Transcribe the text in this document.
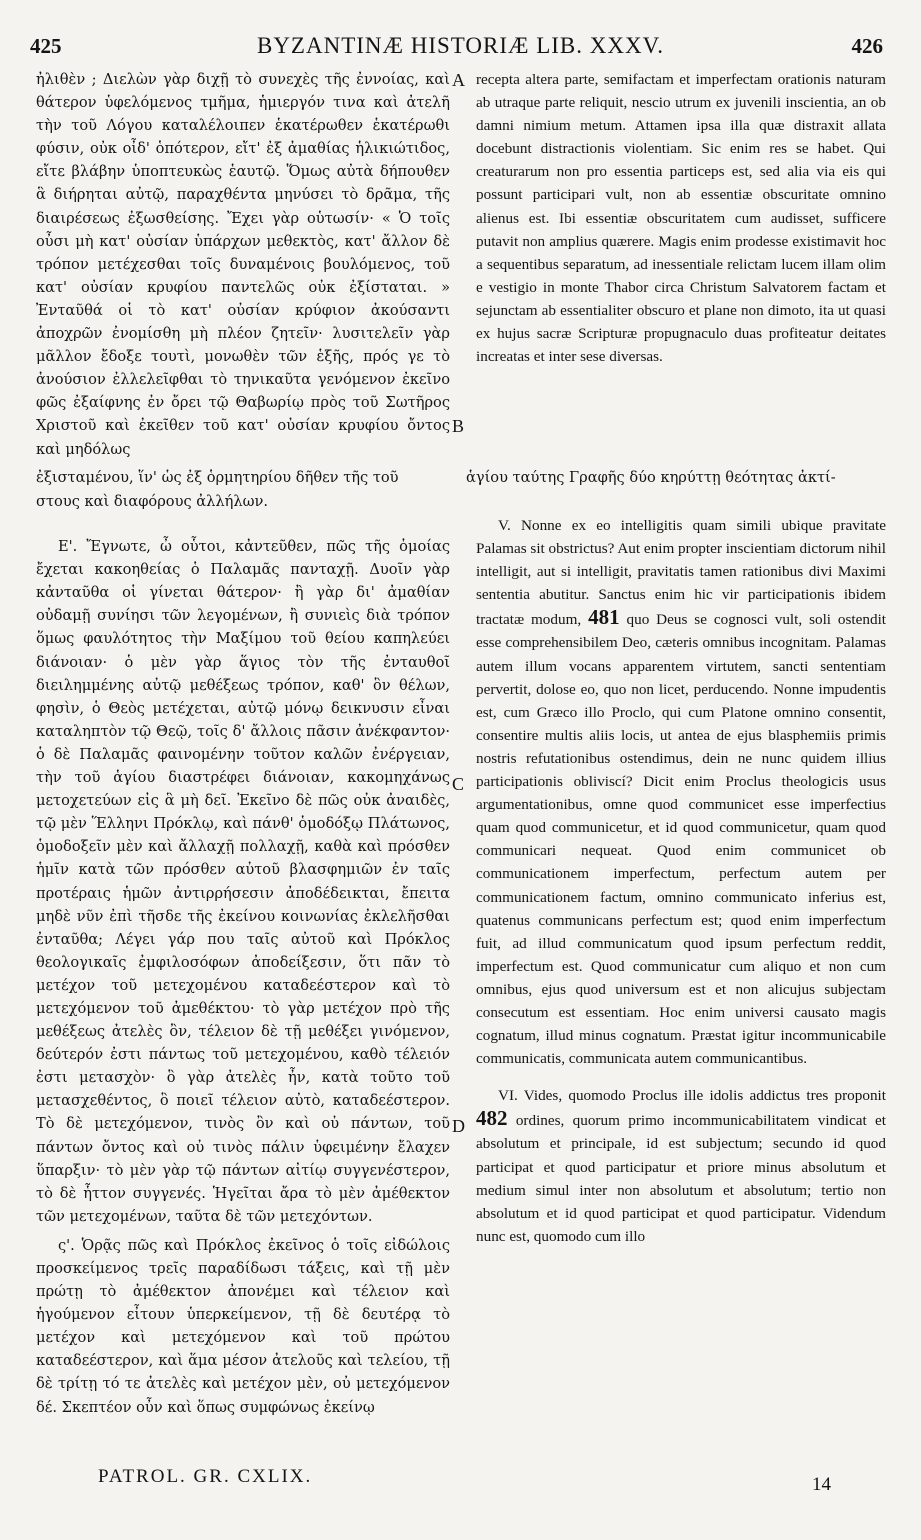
425	BYZANTINÆ HISTORIÆ LIB. XXXV.	426
A
B
C
D

ἠλιθὲν ; Διελὼν γὰρ διχῇ τὸ συνεχὲς τῆς ἐννοίας, καὶ θάτερον ὑφελόμενος τμῆμα, ἡμιεργόν τινα καὶ ἀτελῆ τὴν τοῦ Λόγου καταλέλοιπεν ἑκατέρωθεν ἑκατέρωθι φύσιν, οὐκ οἶδ' ὁπότερον, εἴτ' ἐξ ἀμαθίας ἡλικιώτιδος, εἴτε βλάβην ὑποπτευκὼς ἑαυτῷ. Ὅμως αὐτὰ δήπουθεν ἃ διήρηται αὐτῷ, παραχθέντα μηνύσει τὸ δρᾶμα, τῆς διαιρέσεως ἐξωσθείσης. Ἔχει γὰρ οὑτωσίν· « Ὁ τοῖς οὖσι μὴ κατ' οὐσίαν ὑπάρχων μεθεκτὸς, κατ' ἄλλον δὲ τρόπον μετέχεσθαι τοῖς δυναμένοις βουλόμενος, τοῦ κατ' οὐσίαν κρυφίου παντελῶς οὐκ ἐξίσταται. » Ἐνταῦθά οἱ τὸ κατ' οὐσίαν κρύφιον ἀκούσαντι ἀποχρῶν ἐνομίσθη μὴ πλέον ζητεῖν· λυσιτελεῖν γὰρ μᾶλλον ἔδοξε τουτὶ, μονωθὲν τῶν ἑξῆς, πρός γε τὸ ἀνούσιον ἐλλελεῖφθαι τὸ τηνικαῦτα γενόμενον ἐκεῖνο φῶς ἐξαίφνης ἐν ὄρει τῷ Θαβωρίῳ πρὸς τοῦ Σωτῆρος Χριστοῦ καὶ ἐκεῖθεν τοῦ κατ' οὐσίαν κρυφίου ὄντος καὶ μηδόλως

ἐξισταμένου, ἵν' ὡς ἐξ ὁρμητηρίου δῆθεν τῆς τοῦ	ἁγίου ταύτης Γραφῆς δύο κηρύττῃ θεότητας ἀκτί-

στους καὶ διαφόρους ἀλλήλων.

Ε'. Ἔγνωτε, ὦ οὗτοι, κἀντεῦθεν, πῶς τῆς ὁμοίας ἔχεται κακοηθείας ὁ Παλαμᾶς πανταχῇ. Δυοῖν γὰρ κἀνταῦθα οἱ γίνεται θάτερον· ἢ γὰρ δι' ἀμαθίαν οὐδαμῇ συνίησι τῶν λεγομένων, ἢ συνιεὶς διὰ τρόπον ὅμως φαυλότητος τὴν Μαξίμου τοῦ θείου καπηλεύει διάνοιαν· ὁ μὲν γὰρ ἅγιος τὸν τῆς ἐνταυθοῖ διειλημμένης αὐτῷ μεθέξεως τρόπον, καθ' ὃν θέλων, φησὶν, ὁ Θεὸς μετέχεται, αὐτῷ μόνῳ δεικνυσιν εἶναι καταληπτὸν τῷ Θεῷ, τοῖς δ' ἄλλοις πᾶσιν ἀνέκφαντον· ὁ δὲ Παλαμᾶς φαινομένην τοῦτον καλῶν ἐνέργειαν, τὴν τοῦ ἁγίου διαστρέφει διάνοιαν, κακομηχάνως μετοχετεύων εἰς ἃ μὴ δεῖ. Ἐκεῖνο δὲ πῶς οὐκ ἀναιδὲς, τῷ μὲν Ἕλληνι Πρόκλῳ, καὶ πάνθ' ὁμοδόξῳ Πλάτωνος, ὁμοδοξεῖν μὲν καὶ ἄλλαχῇ πολλαχῇ, καθὰ καὶ πρόσθεν ἡμῖν κατὰ τῶν πρόσθεν αὐτοῦ βλασφημιῶν ἐν ταῖς προτέραις ἡμῶν ἀντιρρήσεσιν ἀποδέδεικται, ἔπειτα μηδὲ νῦν ἐπὶ τῆσδε τῆς ἐκείνου κοινωνίας ἐκλελῆσθαι ἐνταῦθα; Λέγει γάρ που ταῖς αὐτοῦ καὶ Πρόκλος θεολογικαῖς ἐμφιλοσόφων ἀποδείξεσιν, ὅτι πᾶν τὸ μετέχον τοῦ μετεχομένου καταδεέστερον καὶ τὸ μετεχόμενον τοῦ ἀμεθέκτου· τὸ γὰρ μετέχον πρὸ τῆς μεθέξεως ἀτελὲς ὂν, τέλειον δὲ τῇ μεθέξει γινόμενον, δεύτερόν ἐστι πάντως τοῦ μετεχομένου, καθὸ τέλειόν ἐστι μετασχὸν· ὃ γὰρ ἀτελὲς ἦν, κατὰ τοῦτο τοῦ μετασχεθέντος, ὃ ποιεῖ τέλειον αὐτὸ, καταδεέστερον. Τὸ δὲ μετεχόμενον, τινὸς ὂν καὶ οὐ πάντων, τοῦ πάντων ὄντος καὶ οὐ τινὸς πάλιν ὑφειμένην ἔλαχεν ὕπαρξιν· τὸ μὲν γὰρ τῷ πάντων αἰτίῳ συγγενέστερον, τὸ δὲ ἧττον συγγενές. Ἡγεῖται ἄρα τὸ μὲν ἀμέθεκτον τῶν μετεχομένων, ταῦτα δὲ τῶν μετεχόντων.

ς'. Ὁρᾷς πῶς καὶ Πρόκλος ἐκεῖνος ὁ τοῖς εἰδώλοις προσκείμενος τρεῖς παραδίδωσι τάξεις, καὶ τῇ μὲν πρώτῃ τὸ ἀμέθεκτον ἀπονέμει καὶ τέλειον καὶ ἡγούμενον εἶτουν ὑπερκείμενον, τῇ δὲ δευτέρᾳ τὸ μετέχον καὶ μετεχόμενον καὶ τοῦ πρώτου καταδεέστερον, καὶ ἅμα μέσον ἀτελοῦς καὶ τελείου, τῇ δὲ τρίτῃ τό τε ἀτελὲς καὶ μετέχον μὲν, οὐ μετεχόμενον δέ. Σκεπτέον οὖν καὶ ὅπως συμφώνως ἐκείνῳ

recepta altera parte, semifactam et imperfectam orationis naturam ab utraque parte reliquit, nescio utrum ex juvenili inscientia, an ob damni nimium metum. Attamen ipsa illa quæ distraxit allata docebunt distractionis violentiam. Sic enim res se habet. Qui creaturarum non pro essentia particeps est, sed alia via eis qui possunt participari vult, non ab essentiæ obscuritate omnino alienus est. Ibi essentiæ obscuritatem cum audisset, sufficere putavit non amplius quærere. Magis enim prodesse existimavit hoc a sequentibus separatum, ad inessentiale relictam lucem illam olim e vestigio in monte Thabor circa Christum Salvatorem factam et sejunctam ab essentialiter obscuro et plane non dimoto, ita ut quasi ex hujus sacræ Scripturæ propugnaculo duas profiteatur deitates increatas et inter sese diversas.

V. Nonne ex eo intelligitis quam simili ubique pravitate Palamas sit obstrictus? Aut enim propter inscientiam dictorum nihil intelligit, aut si intelligit, pravitatis tamen rationibus divi Maximi sententia abutitur. Sanctus enim hic vir participationis ibidem tractatæ modum, 481 quo Deus se cognosci vult, soli ostendit esse comprehensibilem Deo, cæteris omnibus incognitam. Palamas autem illum vocans apparentem virtutem, sancti sententiam pervertit, dolose eo, quo non licet, perducendo. Nonne impudentis est, cum Græco illo Proclo, qui cum Platone omnino consentit, consentire multis aliis locis, ut antea de ejus blasphemiis primis nostris refutationibus ostendimus, dein ne nunc quidem illius participationis obliviscí? Dicit enim Proclus theologicis usus argumentationibus, omne quod communicet esse imperfectius quam quod communicetur, et id quod communicetur, quam quod communicari nequeat. Quod enim communicet ob communicationem imperfectum, perfectum autem per communicationem factum, omnino communicato inferius est, quatenus communicans perfectum est; quod enim imperfectum fuit, ad illud communicatum quod ipsum perfectum reddit, imperfectum est. Quod communicatur cum aliquo et non cum omnibus, ejus quod universum est et non alicujus subjectam consecutum est essentiam. Hoc enim universi causato magis cognatum, illud minus cognatum. Præstat igitur incommunicabile communicatis, communicata autem communicantibus.

VI. Vides, quomodo Proclus ille idolis addictus tres proponit 482 ordines, quorum primo incommunicabilitatem vindicat et absolutum et principale, id est subjectum; secundo id quod participat et quod participatur et priore minus absolutum et medium simul inter non absolutum et absolutum; tertio non absolutum et id quod participat et quod participatur. Videndum nunc est, quomodo cum illo

PATROL. GR. CXLIX.	14
